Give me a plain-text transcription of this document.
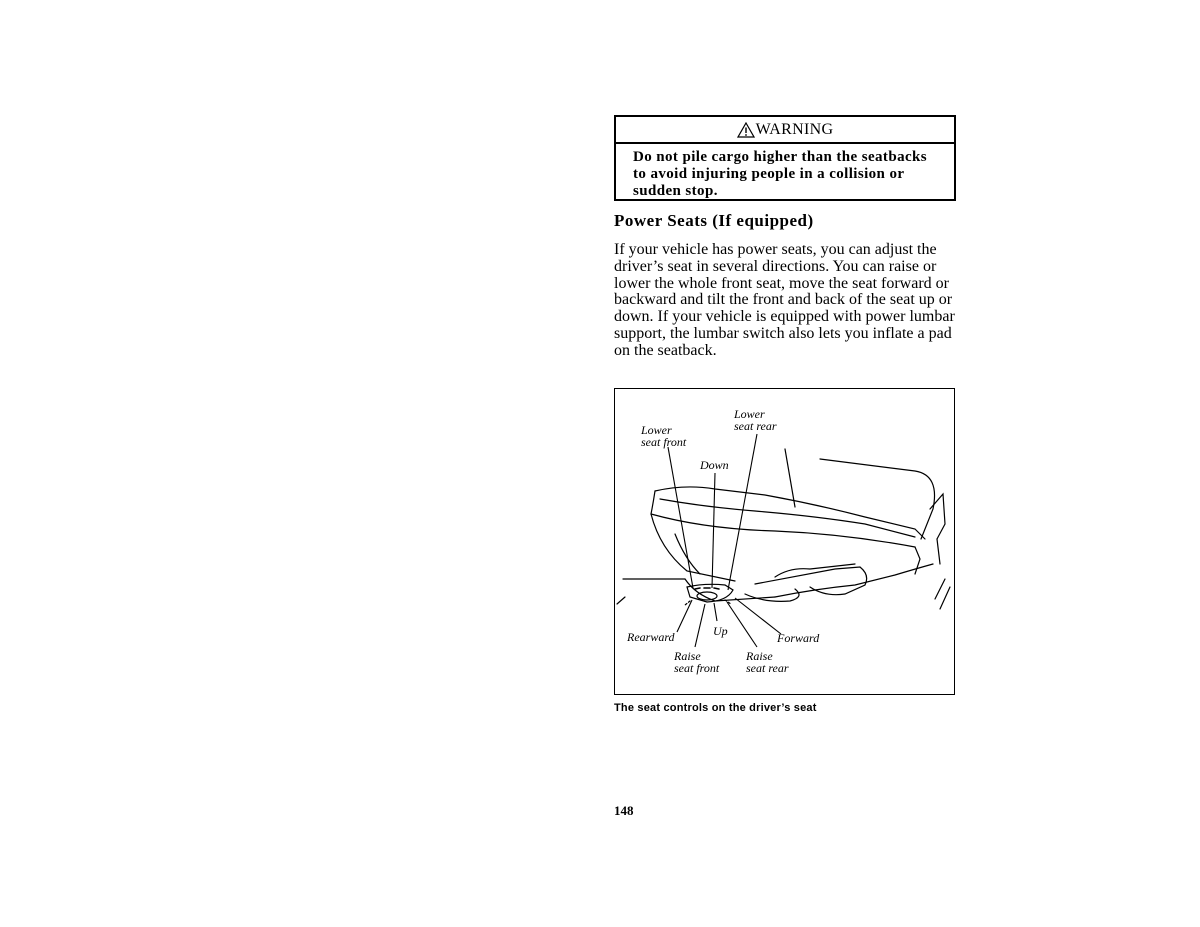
WARNING
Do not pile cargo higher than the seatbacks to avoid injuring people in a collision or sudden stop.
Power Seats (If equipped)

If your vehicle has power seats, you can adjust the driver’s seat in several directions. You can raise or lower the whole front seat, move the seat forward or backward and tilt the front and back of the seat up or down. If your vehicle is equipped with power lumbar support, the lumbar switch also lets you inflate a pad on the seatback.

Lower
seat front
Lower
seat rear
Down
Rearward	Up	Forward
Raise
seat front
Raise
seat rear

The seat controls on the driver’s seat

148
